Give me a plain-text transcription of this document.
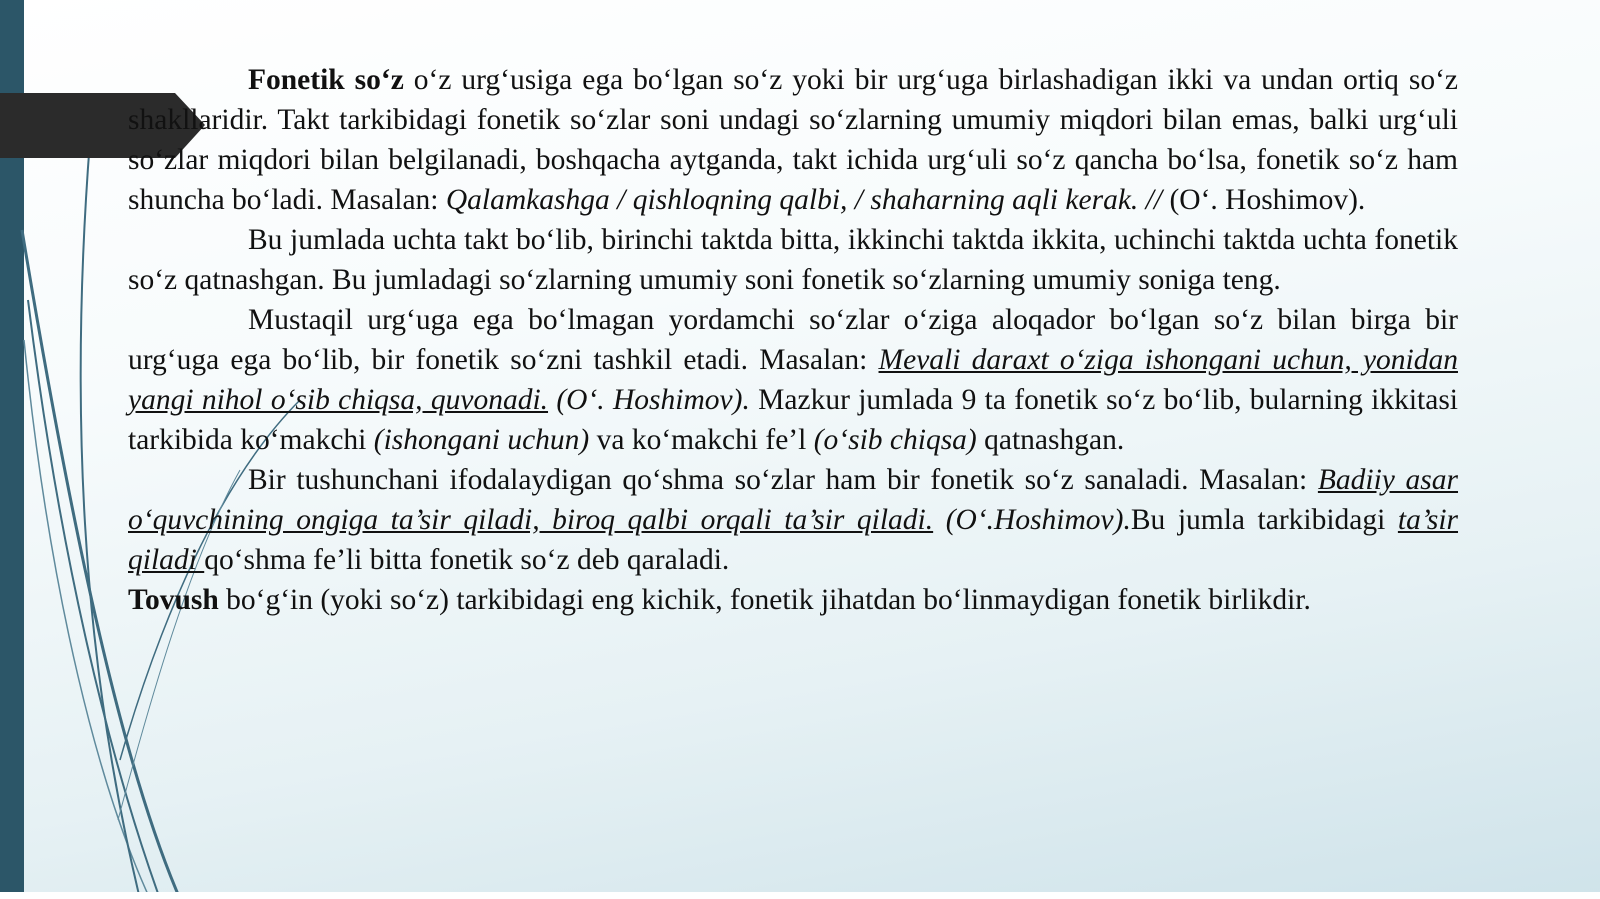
Fonetik so‘z o‘z urg‘usiga ega bo‘lgan so‘z yoki bir urg‘uga birlashadigan ikki va undan ortiq so‘z shakllaridir. Takt tarkibidagi fonetik so‘zlar soni undagi so‘zlarning umumiy miqdori bilan emas, balki urg‘uli so‘zlar miqdori bilan belgilanadi, boshqacha aytganda, takt ichida urg‘uli so‘z qancha bo‘lsa, fonetik so‘z ham shuncha bo‘ladi. Masalan: Qalamkashga / qishloqning qalbi, / shaharning aqli kerak. // (O‘. Hoshimov).

Bu jumlada uchta takt bo‘lib, birinchi taktda bitta, ikkinchi taktda ikkita, uchinchi taktda uchta fonetik so‘z qatnashgan. Bu jumladagi so‘zlarning umumiy soni fonetik so‘zlarning umumiy soniga teng.

Mustaqil urg‘uga ega bo‘lmagan yordamchi so‘zlar o‘ziga aloqador bo‘lgan so‘z bilan birga bir urg‘uga ega bo‘lib, bir fonetik so‘zni tashkil etadi. Masalan: Mevali daraxt o‘ziga ishongani uchun, yonidan yangi nihol o‘sib chiqsa, quvonadi. (O‘. Hoshimov). Mazkur jumlada 9 ta fonetik so‘z bo‘lib, bularning ikkitasi tarkibida ko‘makchi (ishongani uchun) va ko‘makchi fe’l (o‘sib chiqsa) qatnashgan.

Bir tushunchani ifodalaydigan qo‘shma so‘zlar ham bir fonetik so‘z sanaladi. Masalan: Badiiy asar o‘quvchining ongiga ta’sir qiladi, biroq qalbi orqali ta’sir qiladi. (O‘.Hoshimov).Bu jumla tarkibidagi ta’sir qiladi qo‘shma fe’li bitta fonetik so‘z deb qaraladi.

Tovush bo‘g‘in (yoki so‘z) tarkibidagi eng kichik, fonetik jihatdan bo‘linmaydigan fonetik birlikdir.
